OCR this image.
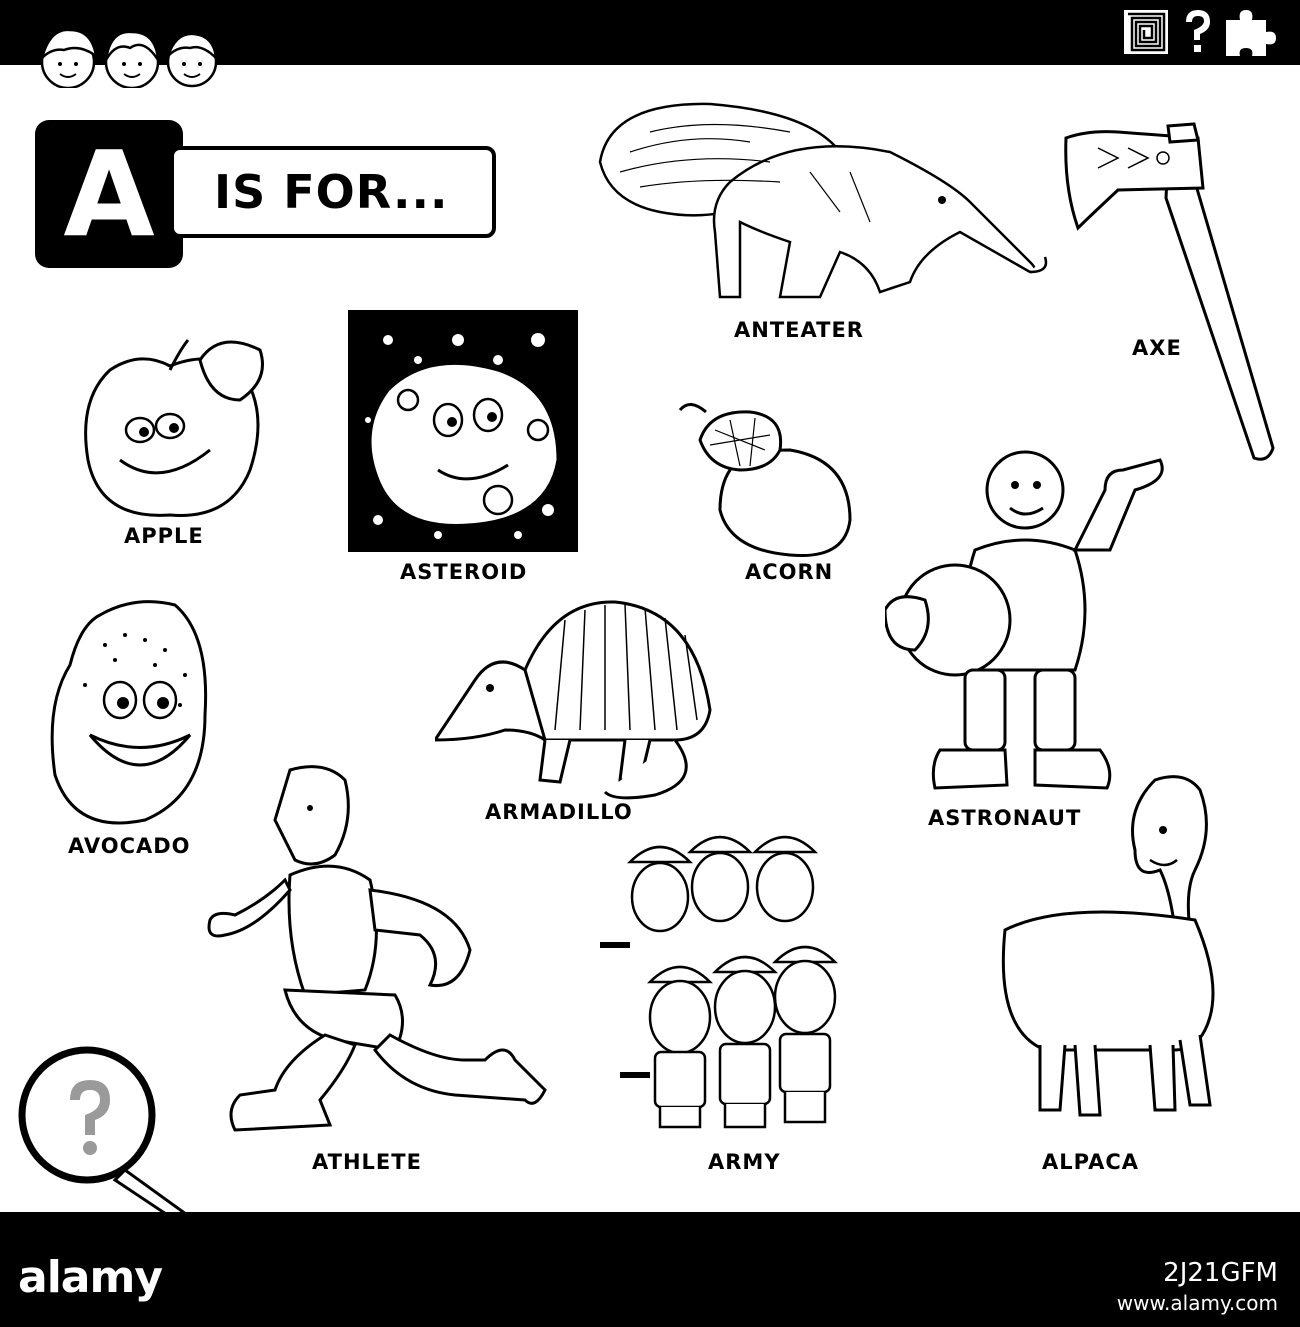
A	IS FOR...
ANTEATER
AXE
APPLE
ASTEROID	ACORN
ASTRONAUT
AVOCADO
ARMADILLO
ATHLETE	ARMY	ALPACA
alamy	2J21GFM
www.alamy.com
